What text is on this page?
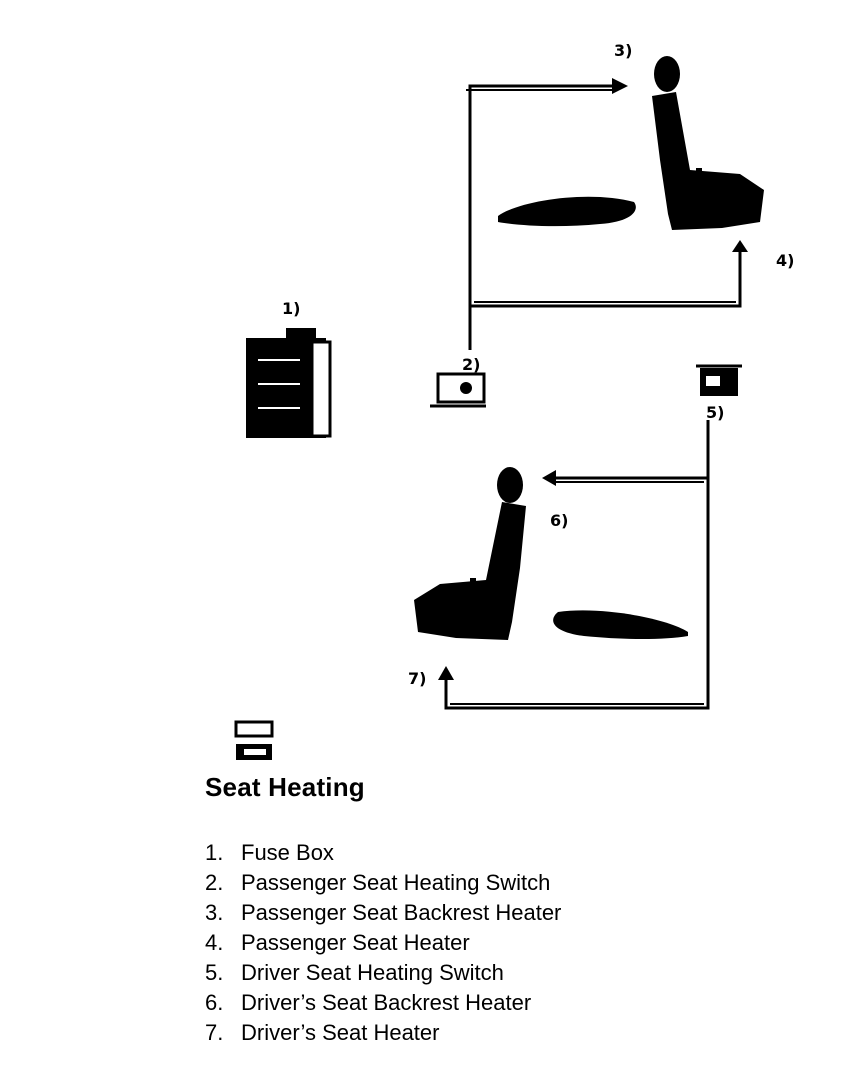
1)
2)
3)
4)
5)
6)
7)
Seat Heating
1. Fuse Box
2. Passenger Seat Heating Switch
3. Passenger Seat Backrest Heater
4. Passenger Seat Heater
5. Driver Seat Heating Switch
6. Driver’s Seat Backrest Heater
7. Driver’s Seat Heater
